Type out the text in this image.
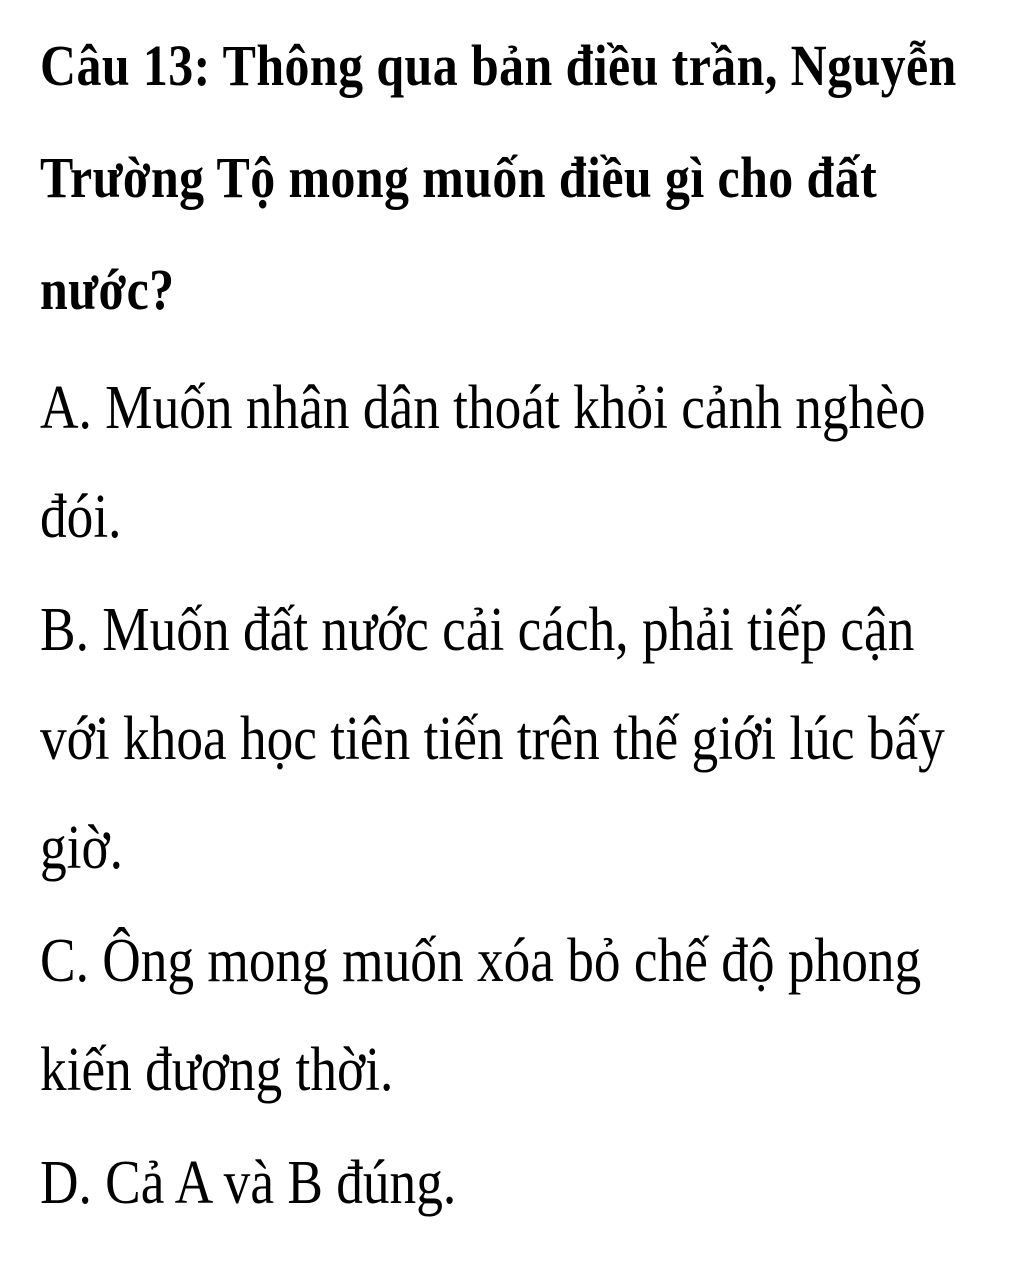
Câu 13: Thông qua bản điều trần, Nguyễn Trường Tộ mong muốn điều gì cho đất nước?

A. Muốn nhân dân thoát khỏi cảnh nghèo đói.

B. Muốn đất nước cải cách, phải tiếp cận với khoa học tiên tiến trên thế giới lúc bấy giờ.

C. Ông mong muốn xóa bỏ chế độ phong kiến đương thời.

D. Cả A và B đúng.
